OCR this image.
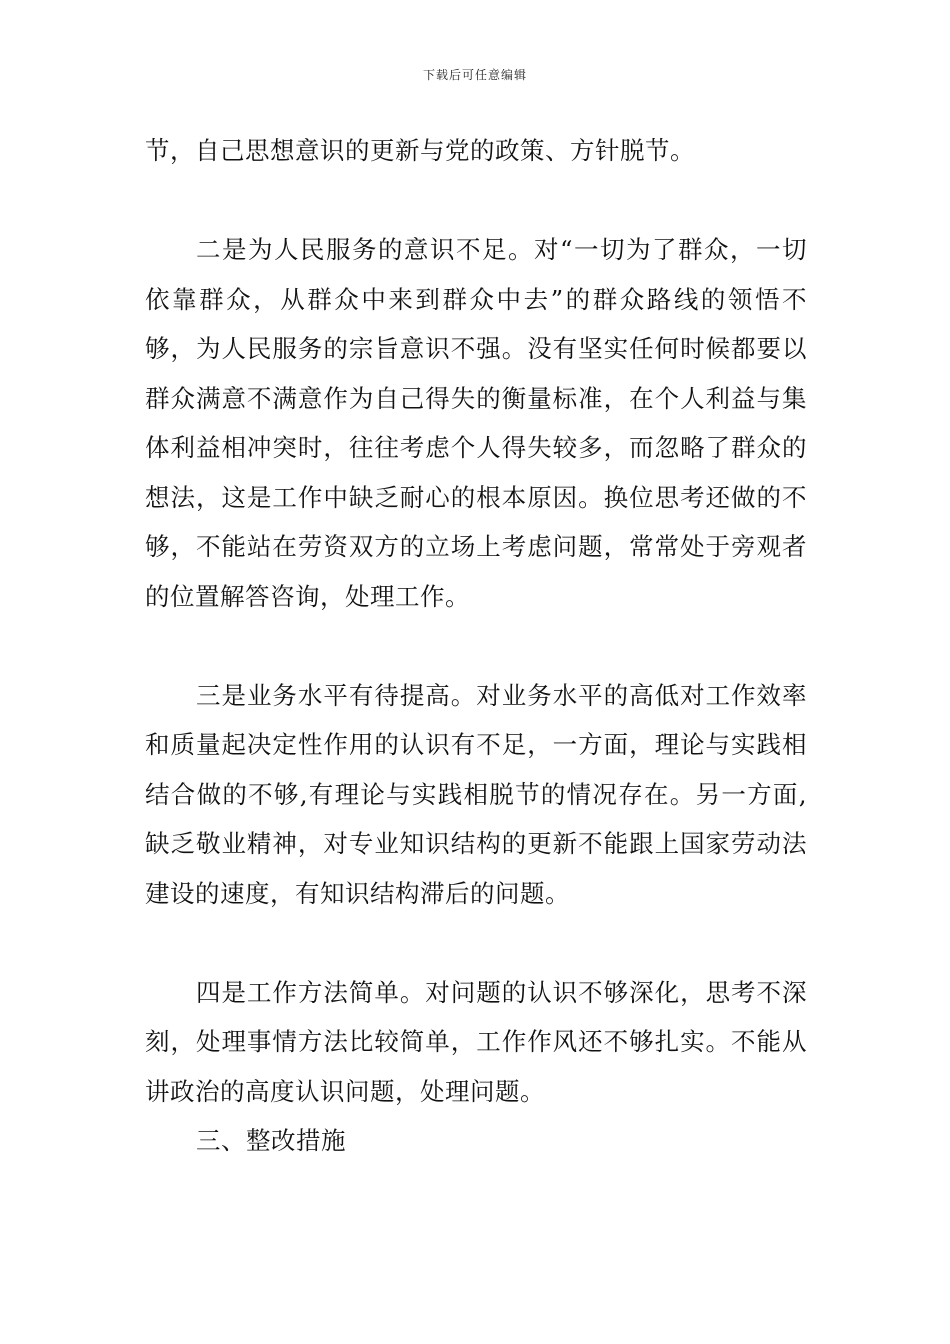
下载后可任意编辑

节，自己思想意识的更新与党的政策、方针脱节。

二是为人民服务的意识不足。对“一切为了群众，一切依靠群众，从群众中来到群众中去”的群众路线的领悟不够，为人民服务的宗旨意识不强。没有坚实任何时候都要以群众满意不满意作为自己得失的衡量标准，在个人利益与集体利益相冲突时，往往考虑个人得失较多，而忽略了群众的想法，这是工作中缺乏耐心的根本原因。换位思考还做的不够，不能站在劳资双方的立场上考虑问题，常常处于旁观者的位置解答咨询，处理工作。

三是业务水平有待提高。对业务水平的高低对工作效率和质量起决定性作用的认识有不足，一方面，理论与实践相结合做的不够,有理论与实践相脱节的情况存在。另一方面,缺乏敬业精神，对专业知识结构的更新不能跟上国家劳动法建设的速度，有知识结构滞后的问题。

四是工作方法简单。对问题的认识不够深化，思考不深刻，处理事情方法比较简单，工作作风还不够扎实。不能从讲政治的高度认识问题，处理问题。

三、整改措施
